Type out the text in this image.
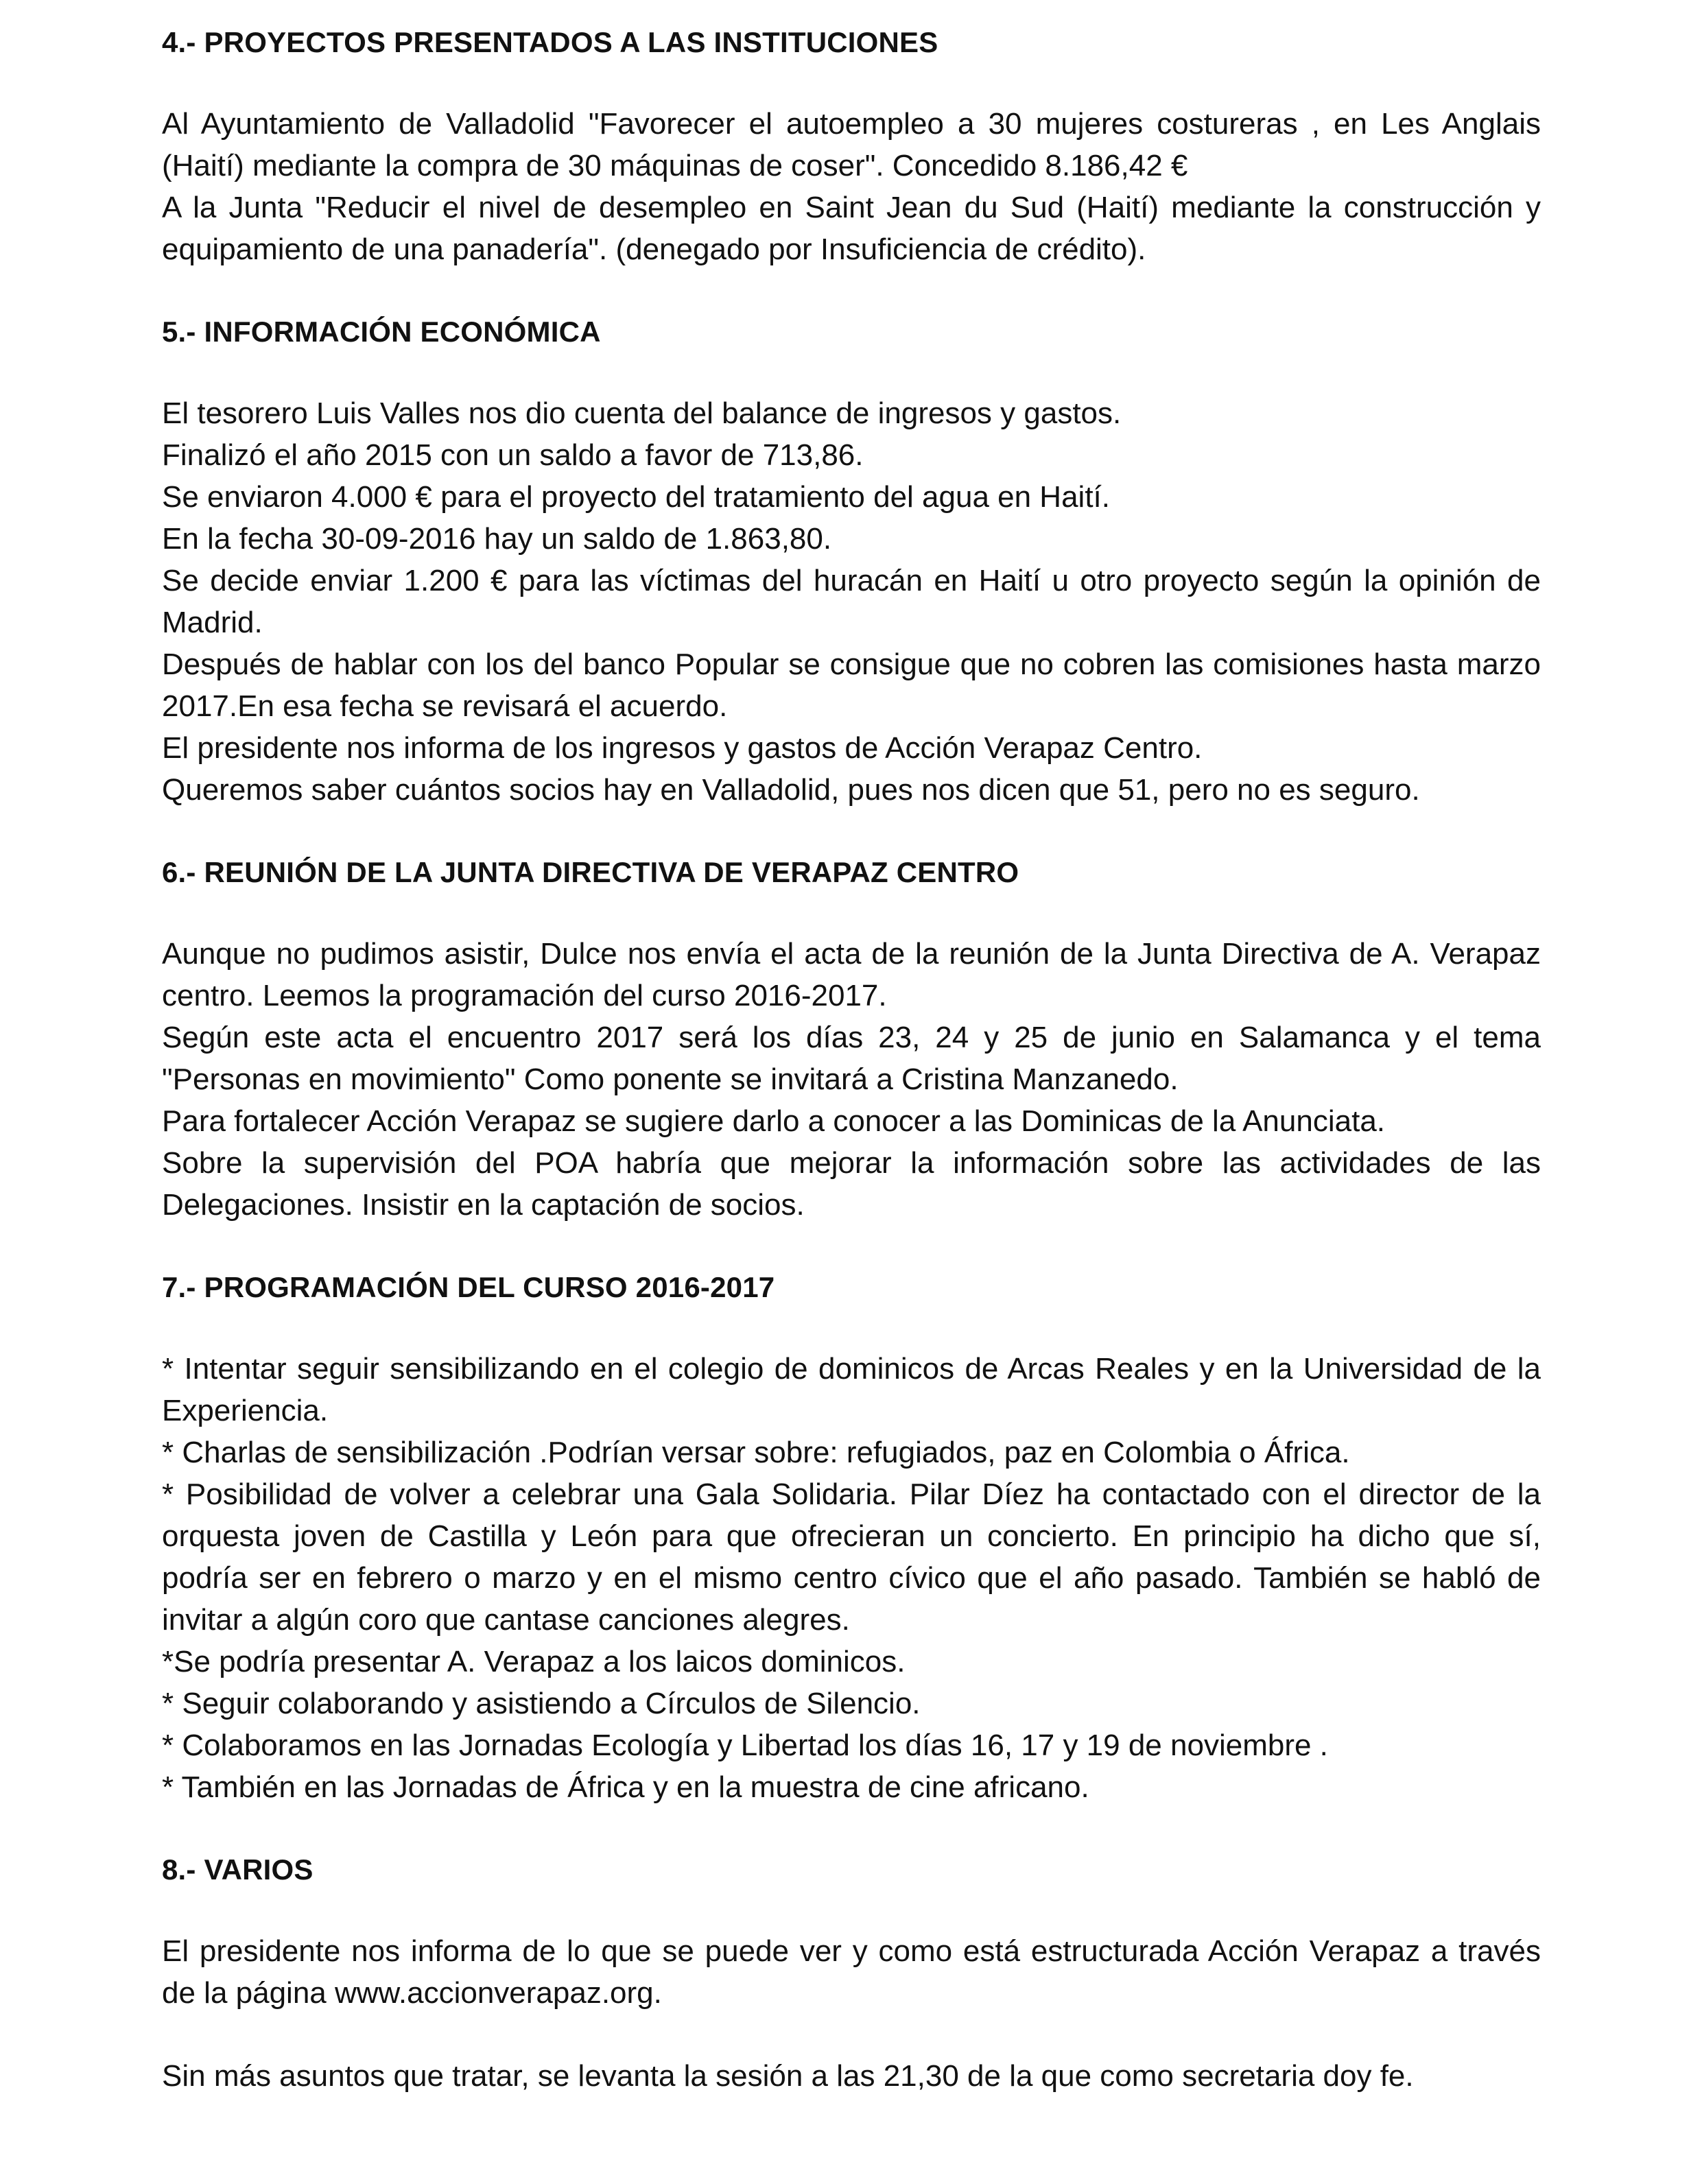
4.- PROYECTOS PRESENTADOS A LAS INSTITUCIONES

Al Ayuntamiento de Valladolid "Favorecer el autoempleo a 30 mujeres costureras , en Les Anglais (Haití) mediante la compra de 30 máquinas de coser". Concedido 8.186,42 €

A la Junta "Reducir el nivel de desempleo en Saint Jean du Sud (Haití) mediante la construcción y equipamiento de una panadería". (denegado por Insuficiencia de crédito).

5.- INFORMACIÓN ECONÓMICA

El tesorero Luis Valles nos dio cuenta del balance de ingresos y gastos.

Finalizó el año 2015 con un saldo a favor de 713,86.

Se enviaron 4.000 € para el proyecto del tratamiento del agua en Haití.

En la fecha 30-09-2016 hay un saldo de 1.863,80.

Se decide enviar 1.200 € para las víctimas del huracán en Haití u otro proyecto según la opinión de Madrid.

Después de hablar con los del banco Popular se consigue que no cobren las comisiones hasta marzo 2017.En esa fecha se revisará el acuerdo.

El presidente nos informa de los ingresos y gastos de Acción Verapaz Centro.

Queremos saber cuántos socios hay en Valladolid, pues nos dicen que 51, pero no es seguro.

6.- REUNIÓN DE LA JUNTA DIRECTIVA DE VERAPAZ CENTRO

Aunque no pudimos asistir, Dulce nos envía el acta de la reunión de la Junta Directiva de A. Verapaz centro. Leemos la programación del curso 2016-2017.

Según este acta el encuentro 2017 será los días 23, 24 y 25 de junio en Salamanca y el tema "Personas en movimiento" Como ponente se invitará a Cristina Manzanedo.

Para fortalecer Acción Verapaz se sugiere darlo a conocer a las Dominicas de la Anunciata.

Sobre la supervisión del POA habría que mejorar la información sobre las actividades de las Delegaciones. Insistir en la captación de socios.

7.- PROGRAMACIÓN DEL CURSO 2016-2017

* Intentar seguir sensibilizando en el colegio de dominicos de Arcas Reales y en la Universidad de la Experiencia.

* Charlas de sensibilización .Podrían versar sobre: refugiados, paz en Colombia o África.

* Posibilidad de volver a celebrar una Gala Solidaria. Pilar Díez ha contactado con el director de la orquesta joven de Castilla y León para que ofrecieran un concierto. En principio ha dicho que sí, podría ser en febrero o marzo y en el mismo centro cívico que el año pasado. También se habló de invitar a algún coro que cantase canciones alegres.

*Se podría presentar A. Verapaz a los laicos dominicos.

* Seguir colaborando y asistiendo a Círculos de Silencio.

* Colaboramos en las Jornadas Ecología y Libertad los días 16, 17 y 19 de noviembre .

* También en las Jornadas de África y en la muestra de cine africano.

8.- VARIOS

El presidente nos informa de lo que se puede ver y como está estructurada Acción Verapaz a través de la página www.accionverapaz.org.

Sin más asuntos que tratar, se levanta la sesión a las 21,30 de la que como secretaria doy fe.
